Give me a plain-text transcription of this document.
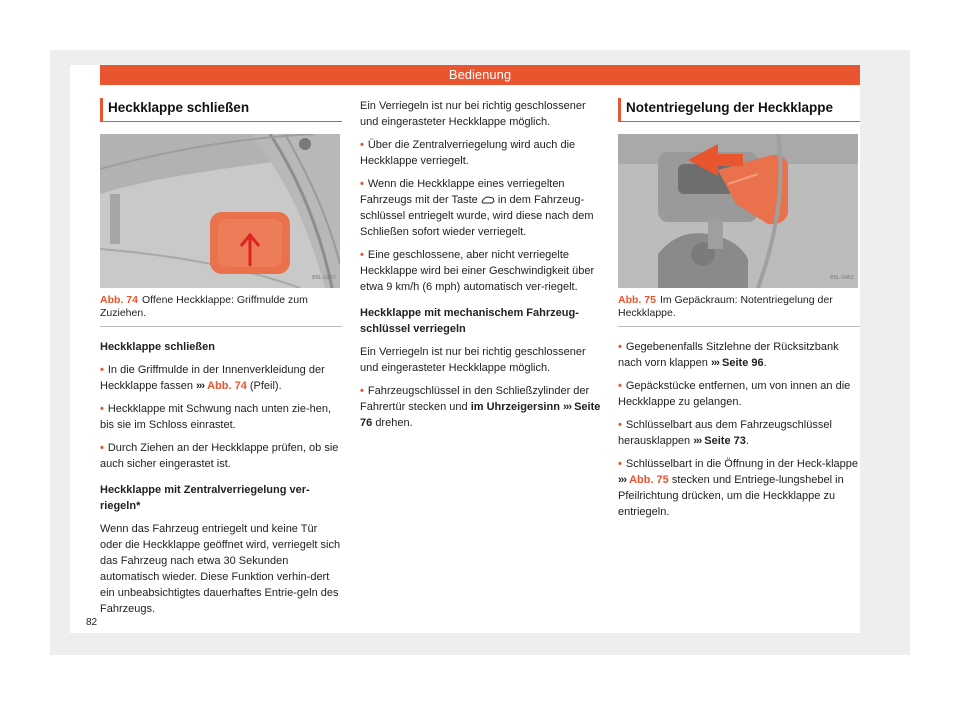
Bedienung
Heckklappe schließen
B5L-0397
Abb. 74 Offene Heckklappe: Griffmulde zum Zuziehen.

Heckklappe schließen

• In die Griffmulde in der Innenverkleidung der Heckklappe fassen ››› Abb. 74 (Pfeil).

• Heckklappe mit Schwung nach unten zie-hen, bis sie im Schloss einrastet.

• Durch Ziehen an der Heckklappe prüfen, ob sie auch sicher eingerastet ist.

Heckklappe mit Zentralverriegelung ver-riegeln*

Wenn das Fahrzeug entriegelt und keine Tür oder die Heckklappe geöffnet wird, verriegelt sich das Fahrzeug nach etwa 30 Sekunden automatisch wieder. Diese Funktion verhin-dert ein unbeabsichtigtes dauerhaftes Entrie-geln des Fahrzeugs.

Ein Verriegeln ist nur bei richtig geschlossener und eingerasteter Heckklappe möglich.

• Über die Zentralverriegelung wird auch die Heckklappe verriegelt.

• Wenn die Heckklappe eines verriegelten Fahrzeugs mit der Taste in dem Fahrzeug-schlüssel entriegelt wurde, wird diese nach dem Schließen sofort wieder verriegelt.

• Eine geschlossene, aber nicht verriegelte Heckklappe wird bei einer Geschwindigkeit über etwa 9 km/h (6 mph) automatisch ver-riegelt.

Heckklappe mit mechanischem Fahrzeug-schlüssel verriegeln

Ein Verriegeln ist nur bei richtig geschlossener und eingerasteter Heckklappe möglich.

• Fahrzeugschlüssel in den Schließzylinder der Fahrertür stecken und im Uhrzeigersinn ››› Seite 76 drehen.

Notentriegelung der Heckklappe
B5L-0451
Abb. 75 Im Gepäckraum: Notentriegelung der Heckklappe.

• Gegebenenfalls Sitzlehne der Rücksitzbank nach vorn klappen ››› Seite 96.

• Gepäckstücke entfernen, um von innen an die Heckklappe zu gelangen.

• Schlüsselbart aus dem Fahrzeugschlüssel herausklappen ››› Seite 73.

• Schlüsselbart in die Öffnung in der Heck-klappe ››› Abb. 75 stecken und Entriege-lungshebel in Pfeilrichtung drücken, um die Heckklappe zu entriegeln.

82
